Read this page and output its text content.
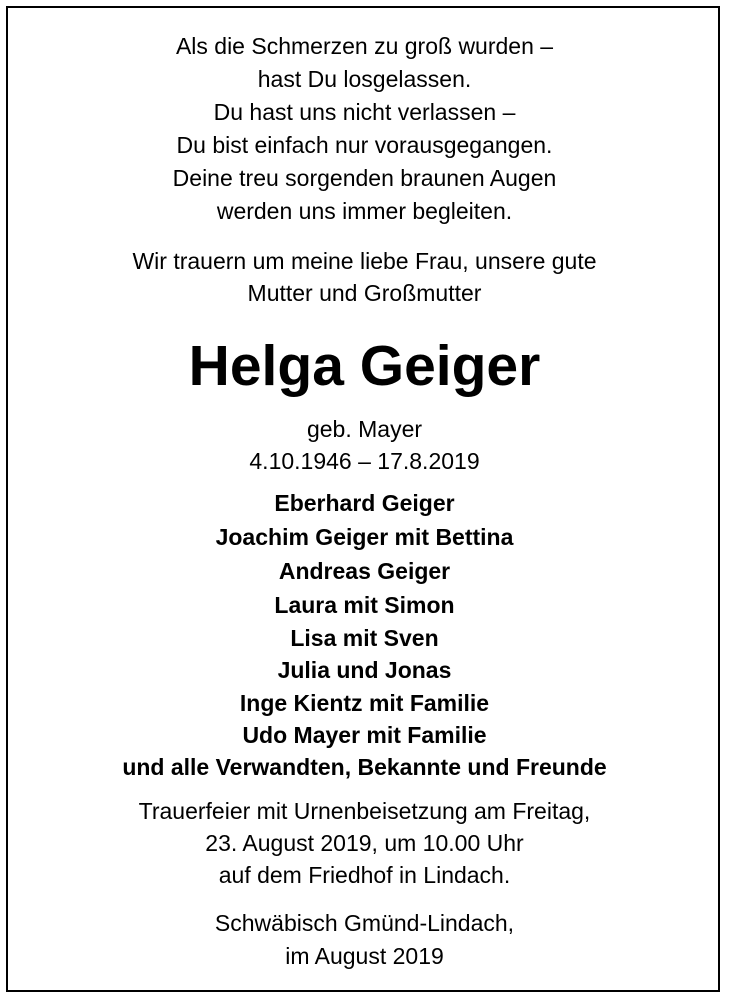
Als die Schmerzen zu groß wurden –
hast Du losgelassen.
Du hast uns nicht verlassen –
Du bist einfach nur vorausgegangen.
Deine treu sorgenden braunen Augen
werden uns immer begleiten.
Wir trauern um meine liebe Frau, unsere gute
Mutter und Großmutter
Helga Geiger
geb. Mayer
4.10.1946 – 17.8.2019
Eberhard Geiger
Joachim Geiger mit Bettina
Andreas Geiger
Laura mit Simon
Lisa mit Sven
Julia und Jonas
Inge Kientz mit Familie
Udo Mayer mit Familie
und alle Verwandten, Bekannte und Freunde
Trauerfeier mit Urnenbeisetzung am Freitag,
23. August 2019, um 10.00 Uhr
auf dem Friedhof in Lindach.
Schwäbisch Gmünd-Lindach,
im August 2019
